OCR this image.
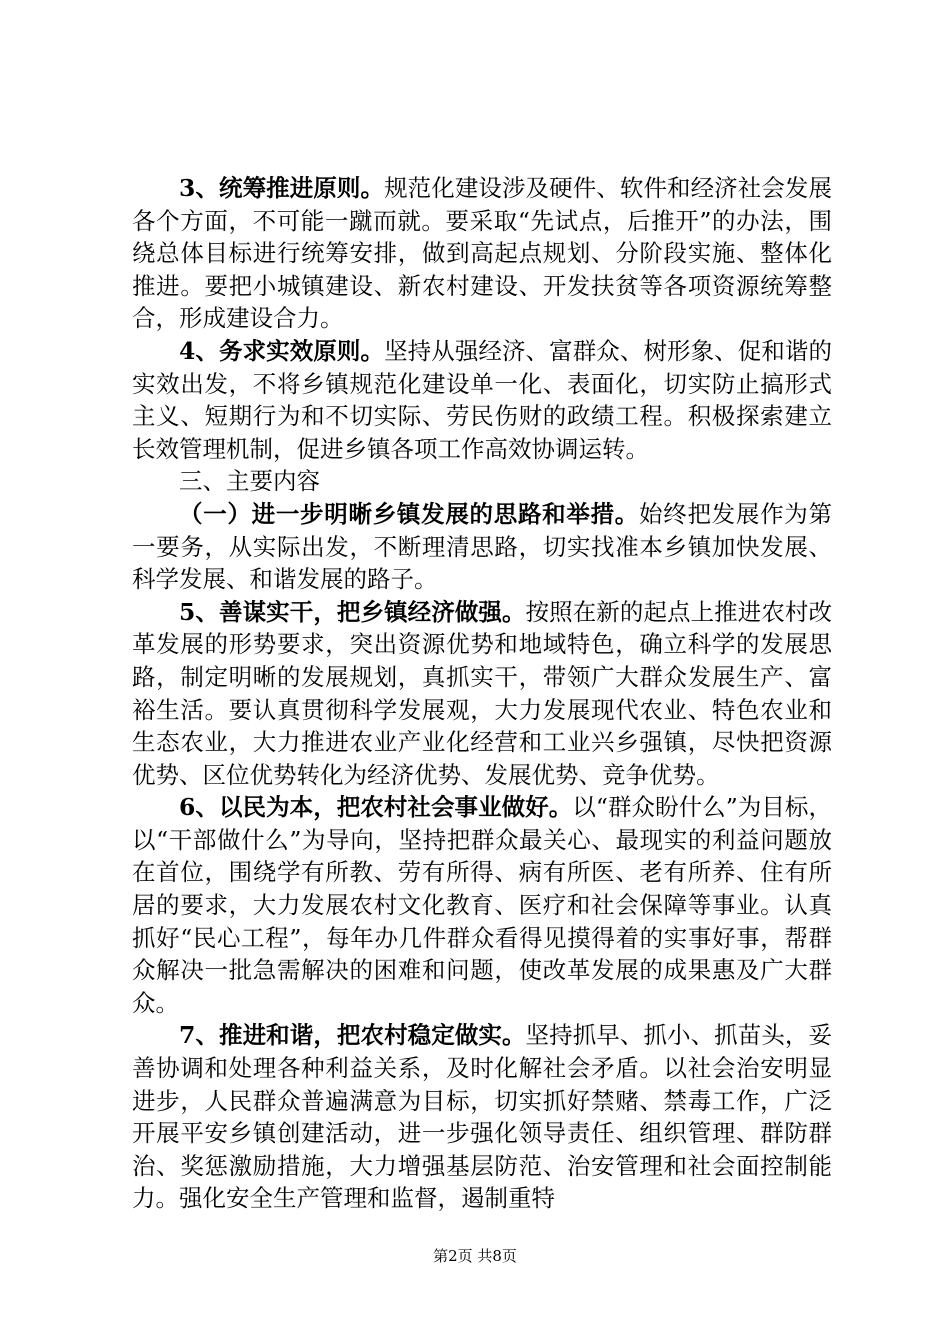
3、统筹推进原则。规范化建设涉及硬件、软件和经济社会发展各个方面，不可能一蹴而就。要采取“先试点，后推开”的办法，围绕总体目标进行统筹安排，做到高起点规划、分阶段实施、整体化推进。要把小城镇建设、新农村建设、开发扶贫等各项资源统筹整合，形成建设合力。

4、务求实效原则。坚持从强经济、富群众、树形象、促和谐的实效出发，不将乡镇规范化建设单一化、表面化，切实防止搞形式主义、短期行为和不切实际、劳民伤财的政绩工程。积极探索建立长效管理机制，促进乡镇各项工作高效协调运转。

三、主要内容

（一）进一步明晰乡镇发展的思路和举措。始终把发展作为第一要务，从实际出发，不断理清思路，切实找准本乡镇加快发展、科学发展、和谐发展的路子。

5、善谋实干，把乡镇经济做强。按照在新的起点上推进农村改革发展的形势要求，突出资源优势和地域特色，确立科学的发展思路，制定明晰的发展规划，真抓实干，带领广大群众发展生产、富裕生活。要认真贯彻科学发展观，大力发展现代农业、特色农业和生态农业，大力推进农业产业化经营和工业兴乡强镇，尽快把资源优势、区位优势转化为经济优势、发展优势、竞争优势。

6、以民为本，把农村社会事业做好。以“群众盼什么”为目标，以“干部做什么”为导向，坚持把群众最关心、最现实的利益问题放在首位，围绕学有所教、劳有所得、病有所医、老有所养、住有所居的要求，大力发展农村文化教育、医疗和社会保障等事业。认真抓好“民心工程”，每年办几件群众看得见摸得着的实事好事，帮群众解决一批急需解决的困难和问题，使改革发展的成果惠及广大群众。

7、推进和谐，把农村稳定做实。坚持抓早、抓小、抓苗头，妥善协调和处理各种利益关系，及时化解社会矛盾。以社会治安明显进步，人民群众普遍满意为目标，切实抓好禁赌、禁毒工作，广泛开展平安乡镇创建活动，进一步强化领导责任、组织管理、群防群治、奖惩激励措施，大力增强基层防范、治安管理和社会面控制能力。强化安全生产管理和监督，遏制重特

第2页 共8页
